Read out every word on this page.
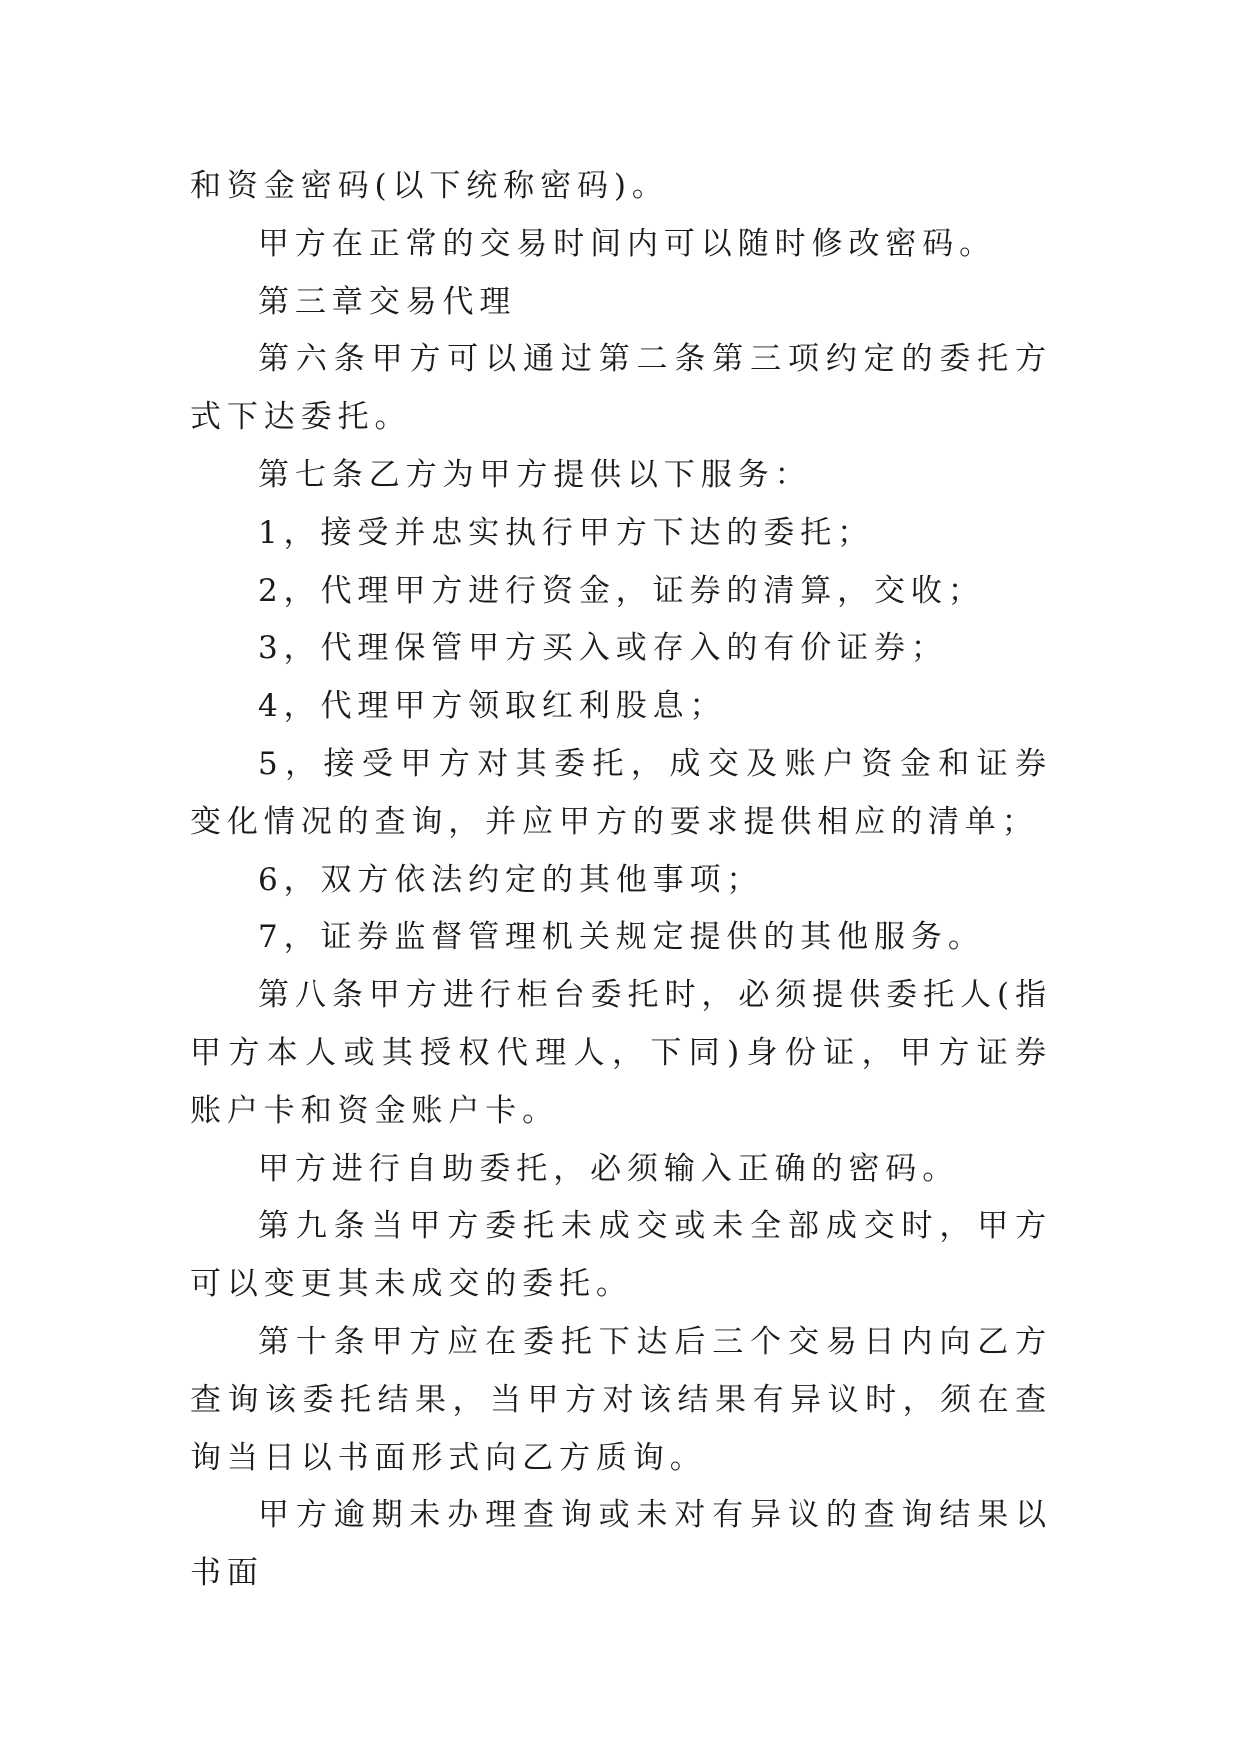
和资金密码(以下统称密码)。

甲方在正常的交易时间内可以随时修改密码。

第三章交易代理

第六条甲方可以通过第二条第三项约定的委托方式下达委托。

第七条乙方为甲方提供以下服务：

1，接受并忠实执行甲方下达的委托；

2，代理甲方进行资金，证券的清算，交收；

3，代理保管甲方买入或存入的有价证券；

4，代理甲方领取红利股息；

5，接受甲方对其委托，成交及账户资金和证券变化情况的查询，并应甲方的要求提供相应的清单；

6，双方依法约定的其他事项；

7，证券监督管理机关规定提供的其他服务。

第八条甲方进行柜台委托时，必须提供委托人(指甲方本人或其授权代理人，下同)身份证，甲方证券账户卡和资金账户卡。

甲方进行自助委托，必须输入正确的密码。

第九条当甲方委托未成交或未全部成交时，甲方可以变更其未成交的委托。

第十条甲方应在委托下达后三个交易日内向乙方查询该委托结果，当甲方对该结果有异议时，须在查询当日以书面形式向乙方质询。

甲方逾期未办理查询或未对有异议的查询结果以书面
